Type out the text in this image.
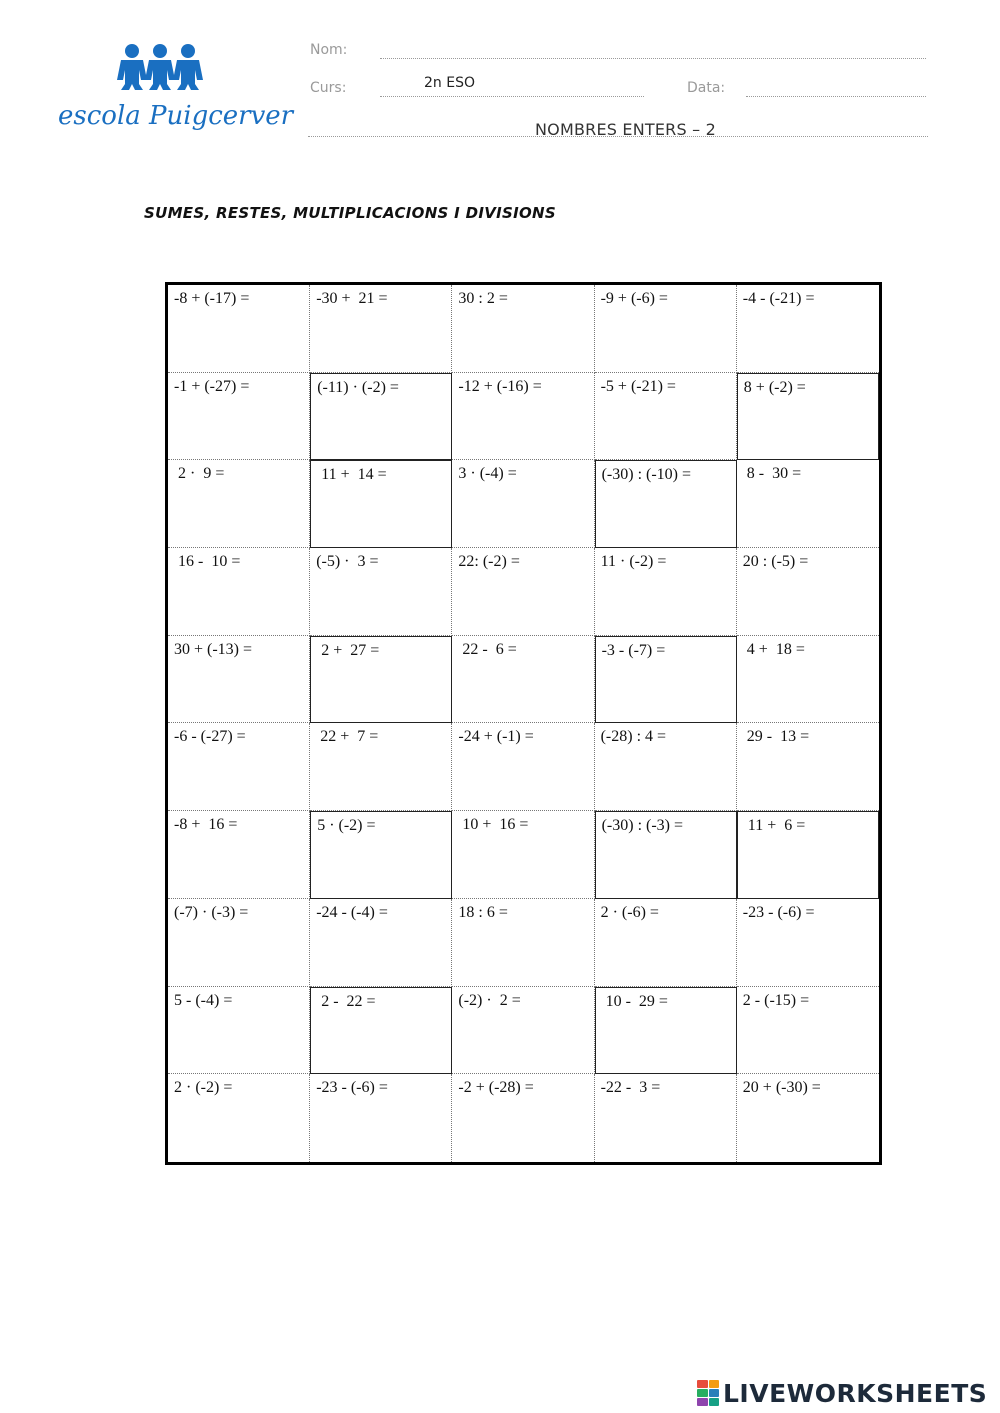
escola Puigcerver
Nom:
Curs:	2n ESO	Data:
NOMBRES ENTERS – 2
SUMES, RESTES, MULTIPLICACIONS I DIVISIONS
-8 + (-17) =	-30 +  21 =	30 : 2 =	-9 + (-6) =	-4 - (-21) =
-1 + (-27) =	(-11) · (-2) =	-12 + (-16) =	-5 + (-21) =	8 + (-2) =
2 ·  9 =	11 +  14 =	3 · (-4) =	(-30) : (-10) =	8 -  30 =
16 -  10 =	(-5) ·  3 =	22: (-2) =	11 · (-2) =	20 : (-5) =
30 + (-13) =	2 +  27 =	22 -  6 =	-3 - (-7) =	4 +  18 =
-6 - (-27) =	22 +  7 =	-24 + (-1) =	(-28) : 4 =	29 -  13 =
-8 +  16 =	5 · (-2) =	10 +  16 =	(-30) : (-3) =	11 +  6 =
(-7) · (-3) =	-24 - (-4) =	18 : 6 =	2 · (-6) =	-23 - (-6) =
5 - (-4) =	2 -  22 =	(-2) ·  2 =	10 -  29 =	2 - (-15) =
2 · (-2) =	-23 - (-6) =	-2 + (-28) =	-22 -  3 =	20 + (-30) =
LIVEWORKSHEETS
